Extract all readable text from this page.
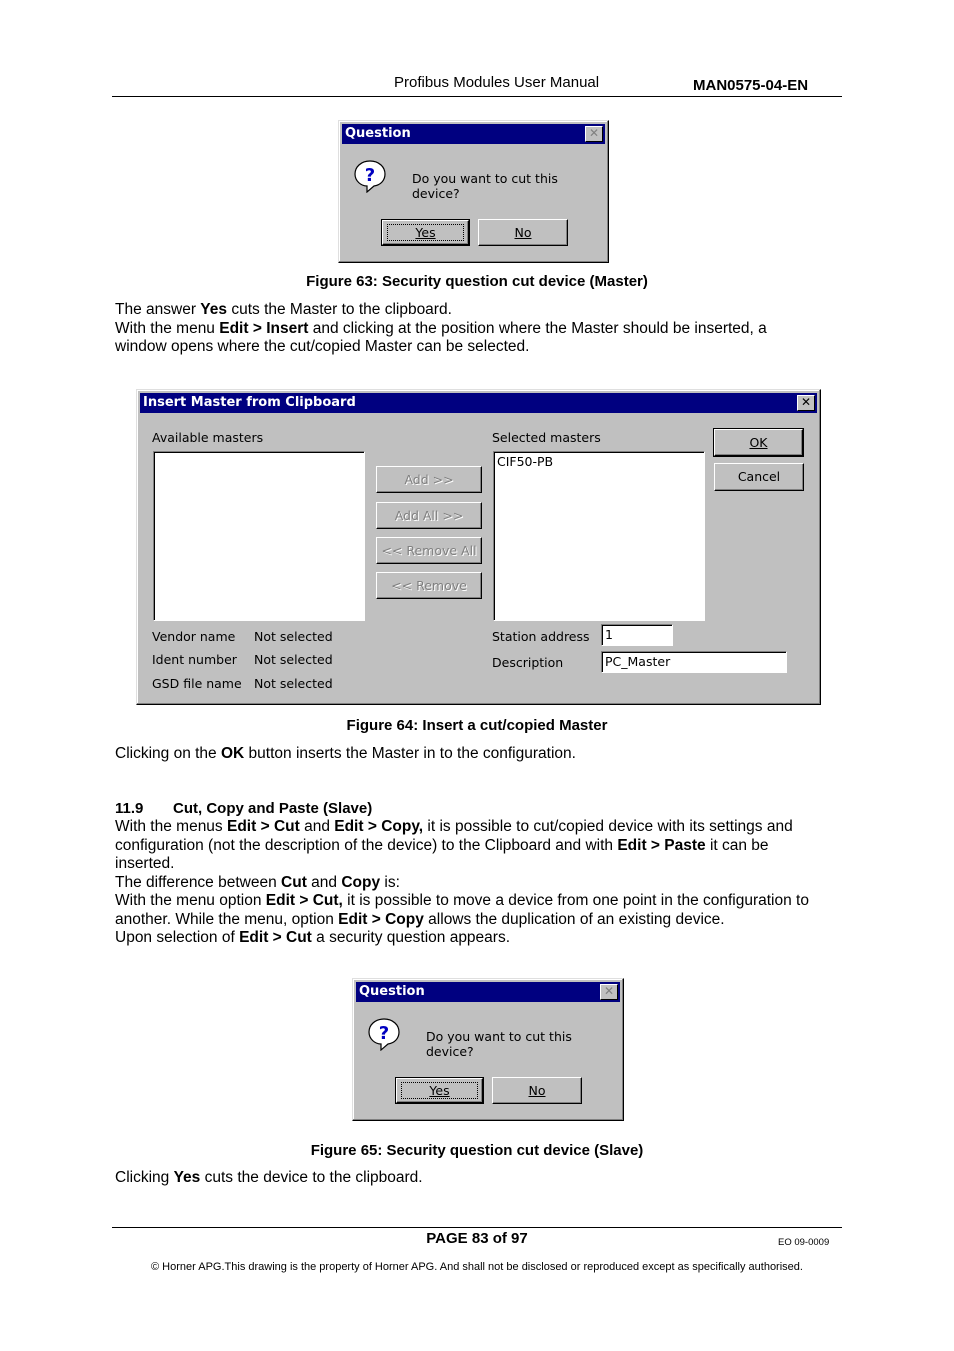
Profibus Modules User Manual	MAN0575-04-EN
Question	✕
?	Do you want to cut this device?
Yes	No
Figure 63: Security question cut device (Master)
The answer Yes cuts the Master to the clipboard.
With the menu Edit > Insert and clicking at the position where the Master should be inserted, a
window opens where the cut/copied Master can be selected.
Insert Master from Clipboard	✕
Available masters
Add >>
Add All >>
<< Remove All
<< Remove
Selected masters
CIF50-PB
OK
Cancel
Vendor name Not selected
Ident number Not selected
GSD file name Not selected
Station address	1
Description	PC_Master
Figure 64: Insert a cut/copied Master
Clicking on the OK button inserts the Master in to the configuration.
11.9 Cut, Copy and Paste (Slave)
With the menus Edit > Cut and Edit > Copy, it is possible to cut/copied device with its settings and
configuration (not the description of the device) to the Clipboard and with Edit > Paste it can be
inserted.
The difference between Cut and Copy is:
With the menu option Edit > Cut, it is possible to move a device from one point in the configuration to
another. While the menu, option Edit > Copy allows the duplication of an existing device.
Upon selection of Edit > Cut a security question appears.
Question	✕
?	Do you want to cut this device?
Yes	No
Figure 65: Security question cut device (Slave)
Clicking Yes cuts the device to the clipboard.
PAGE 83 of 97	EO 09-0009
© Horner APG.This drawing is the property of Horner APG. And shall not be disclosed or reproduced except as specifically authorised.
